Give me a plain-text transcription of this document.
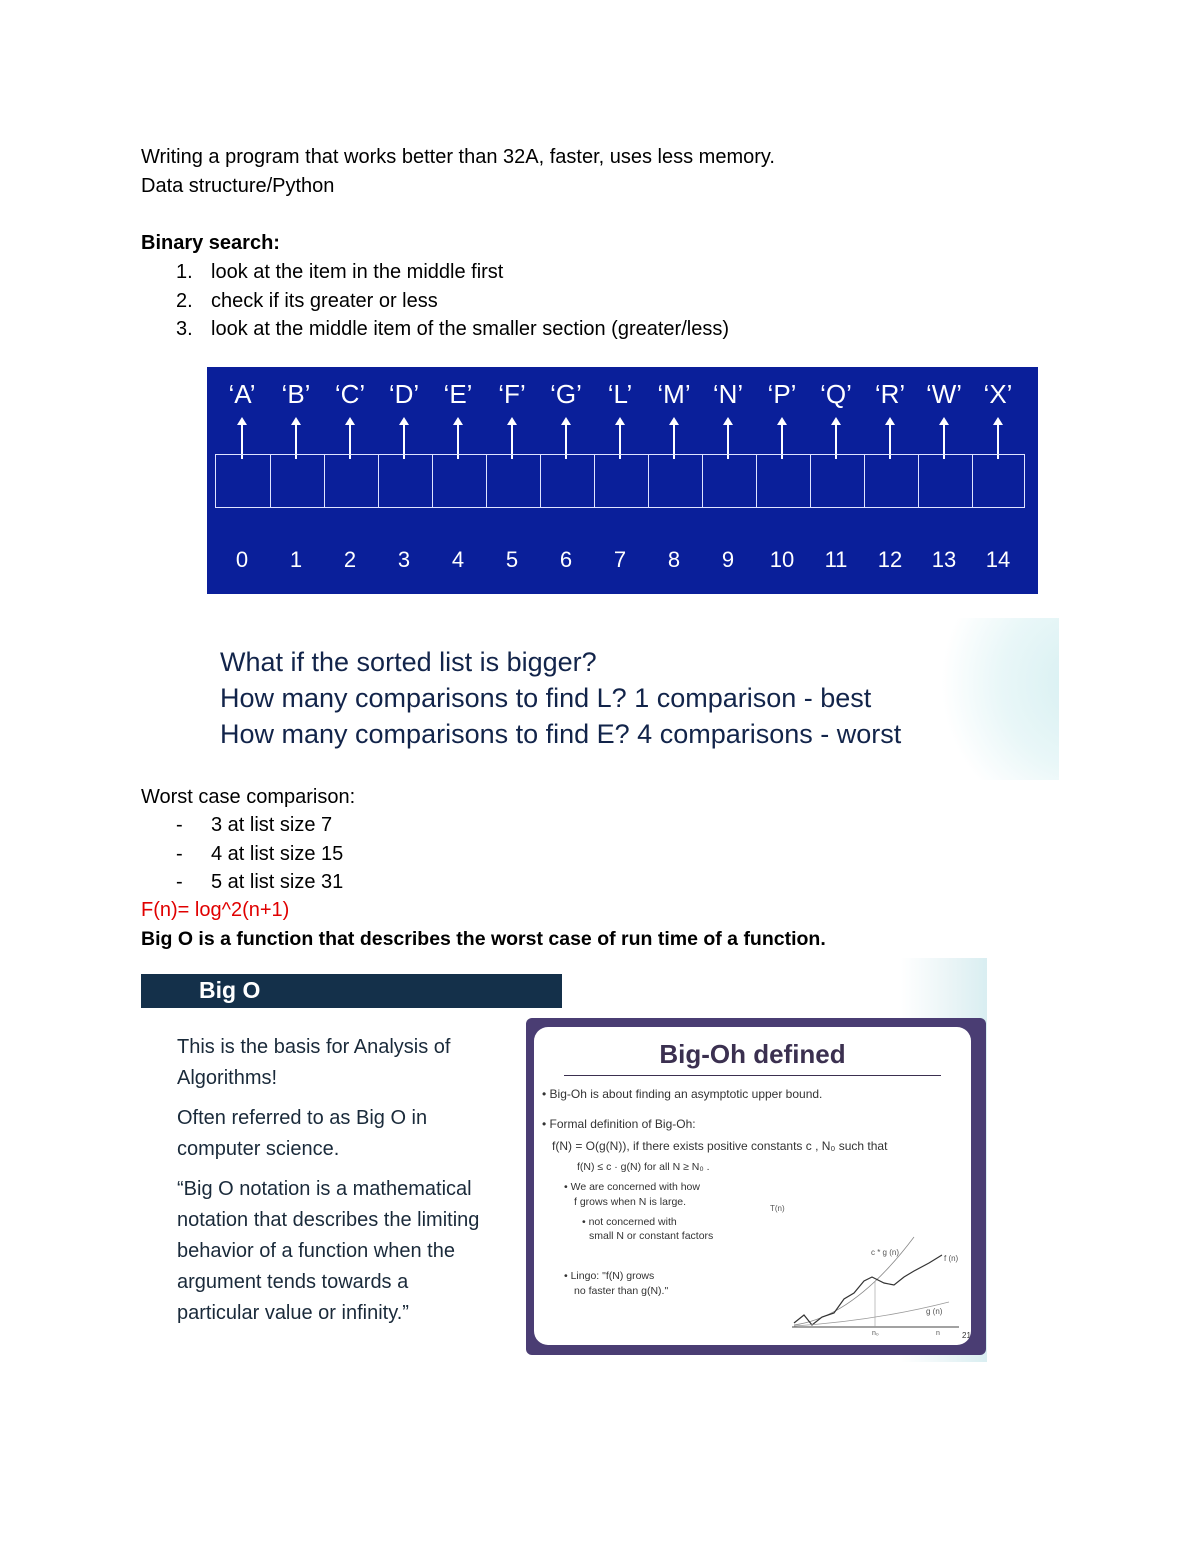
Writing a program that works better than 32A, faster, uses less memory.
Data structure/Python
Binary search:
1. look at the item in the middle first
2. check if its greater or less
3. look at the middle item of the smaller section (greater/less)
‘A’	‘B’ ‘C’ ‘D’ ‘E’ ‘F’ ‘G’ ‘L’ ‘M’ ‘N’ ‘P’ ‘Q’ ‘R’ ‘W’ ‘X’
0	1	2	3	4	5	6	7	8	9	10	11	12	13	14
What if the sorted list is bigger?
How many comparisons to find L? 1 comparison - best
How many comparisons to find E? 4 comparisons - worst
Worst case comparison:
- 3 at list size 7
- 4 at list size 15
- 5 at list size 31
F(n)= log^2(n+1)
Big O is a function that describes the worst case of run time of a function.
Big O
This is the basis for Analysis of
Algorithms!
Often referred to as Big O in
computer science.
“Big O notation is a mathematical
notation that describes the limiting
behavior of a function when the
argument tends towards a
particular value or infinity.”
Big-Oh defined
• Big-Oh is about finding an asymptotic upper bound.
• Formal definition of Big-Oh:
f(N) = O(g(N)), if there exists positive constants c , N₀ such that
f(N) ≤ c · g(N) for all N ≥ N₀ .
• We are concerned with how
f grows when N is large.
• not concerned with
small N or constant factors
• Lingo: "f(N) grows
no faster than g(N)."
T(n)
c * g (n)
f (n)
g (n)
n₀	n	21
